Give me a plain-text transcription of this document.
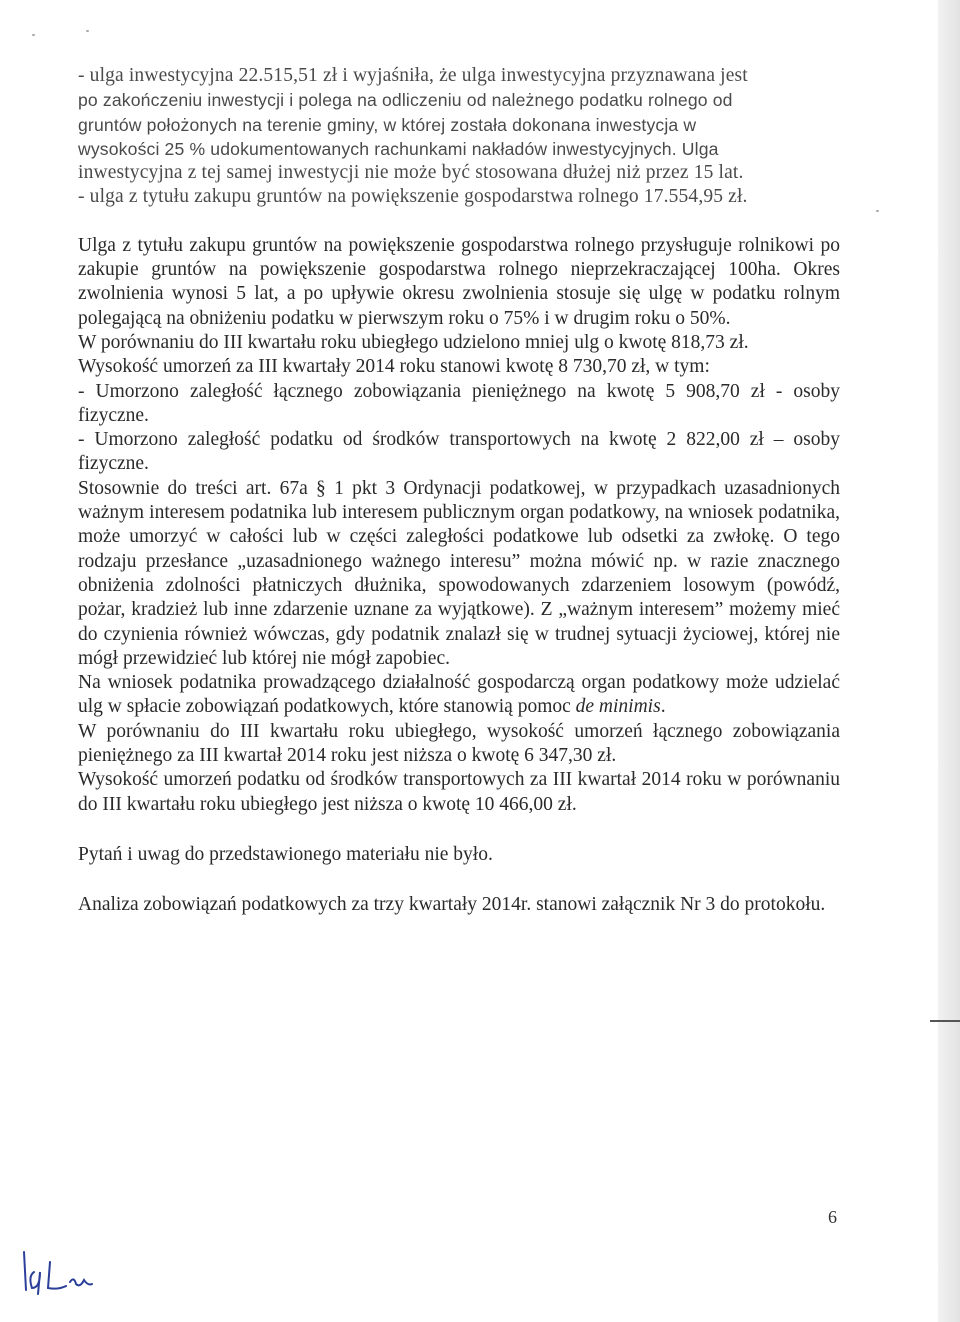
- ulga inwestycyjna 22.515,51 zł i wyjaśniła, że ulga inwestycyjna przyznawana jest

po zakończeniu inwestycji i polega na odliczeniu od należnego podatku rolnego od

gruntów położonych na terenie gminy, w której została dokonana inwestycja w

wysokości 25 % udokumentowanych rachunkami nakładów inwestycyjnych. Ulga

inwestycyjna z tej samej inwestycji nie może być stosowana dłużej niż przez 15 lat.

- ulga z tytułu zakupu gruntów na powiększenie gospodarstwa rolnego 17.554,95 zł.

Ulga z tytułu zakupu gruntów na powiększenie gospodarstwa rolnego przysługuje rolnikowi po zakupie gruntów na powiększenie gospodarstwa rolnego nieprzekraczającej 100ha. Okres zwolnienia wynosi 5 lat, a po upływie okresu zwolnienia stosuje się ulgę w podatku rolnym polegającą na obniżeniu podatku w pierwszym roku o 75% i w drugim roku o 50%.

W porównaniu do III kwartału roku ubiegłego udzielono mniej ulg o kwotę 818,73 zł.

Wysokość umorzeń za III kwartały 2014 roku stanowi kwotę 8 730,70 zł, w tym:

- Umorzono zaległość łącznego zobowiązania pieniężnego na kwotę 5 908,70 zł - osoby fizyczne.

- Umorzono zaległość podatku od środków transportowych na kwotę 2 822,00 zł – osoby fizyczne.

Stosownie do treści art. 67a § 1 pkt 3 Ordynacji podatkowej, w przypadkach uzasadnionych ważnym interesem podatnika lub interesem publicznym organ podatkowy, na wniosek podatnika, może umorzyć w całości lub w części zaległości podatkowe lub odsetki za zwłokę. O tego rodzaju przesłance „uzasadnionego ważnego interesu” można mówić np. w razie znacznego obniżenia zdolności płatniczych dłużnika, spowodowanych zdarzeniem losowym (powódź, pożar, kradzież lub inne zdarzenie uznane za wyjątkowe). Z „ważnym interesem” możemy mieć do czynienia również wówczas, gdy podatnik znalazł się w trudnej sytuacji życiowej, której nie mógł przewidzieć lub której nie mógł zapobiec.

Na wniosek podatnika prowadzącego działalność gospodarczą organ podatkowy może udzielać ulg w spłacie zobowiązań podatkowych, które stanowią pomoc de minimis.

W porównaniu do III kwartału roku ubiegłego, wysokość umorzeń łącznego zobowiązania pieniężnego za III kwartał 2014 roku jest niższa o kwotę 6 347,30 zł.

Wysokość umorzeń podatku od środków transportowych za III kwartał 2014 roku w porównaniu do III kwartału roku ubiegłego jest niższa o kwotę 10 466,00 zł.

Pytań i uwag do przedstawionego materiału nie było.

Analiza zobowiązań podatkowych za trzy kwartały 2014r. stanowi załącznik Nr 3 do protokołu.

6
